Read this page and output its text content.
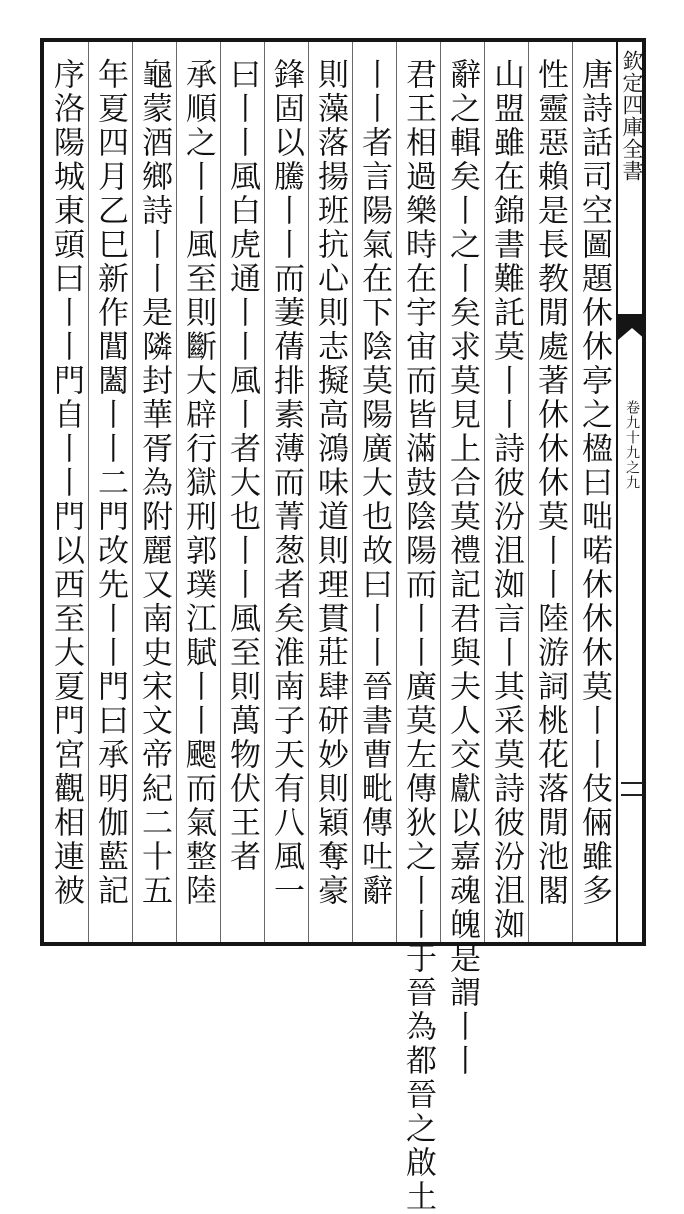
唐詩話司空圖題休休亭之楹曰咄喏休休休莫丨丨伎倆雖多
性靈惡賴是長教閒處著休休休莫丨丨陸游詞桃花落閒池閣
山盟雖在錦書難託莫丨丨詩彼汾沮洳言丨其采莫詩彼汾沮洳
辭之輯矣丨之丨矣求莫見上合莫禮記君與夫人交獻以嘉魂魄是謂丨丨
君王相過樂時在宇宙而皆滿鼓陰陽而丨丨廣莫左傳狄之丨丨于晉為都晉之啟土
丨丨者言陽氣在下陰莫陽廣大也故曰丨丨晉書曹毗傳吐辭
則藻落揚班抗心則志擬高鴻味道則理貫莊肆研妙則穎奪豪
鋒固以騰丨丨而萋蒨排素薄而菁葱者矣淮南子天有八風一
曰丨丨風白虎通丨丨風丨者大也丨丨風至則萬物伏王者
承順之丨丨風至則斷大辟行獄刑郭璞江賦丨丨颸而氣整陸
龜蒙酒鄉詩丨丨是隣封華胥為附麗又南史宋文帝紀二十五
年夏四月乙巳新作閶闔丨丨二門改先丨丨門曰承明伽藍記
序洛陽城東頭曰丨丨門自丨丨門以西至大夏門宮觀相連被	欽定四庫全書
卷九十九之九
